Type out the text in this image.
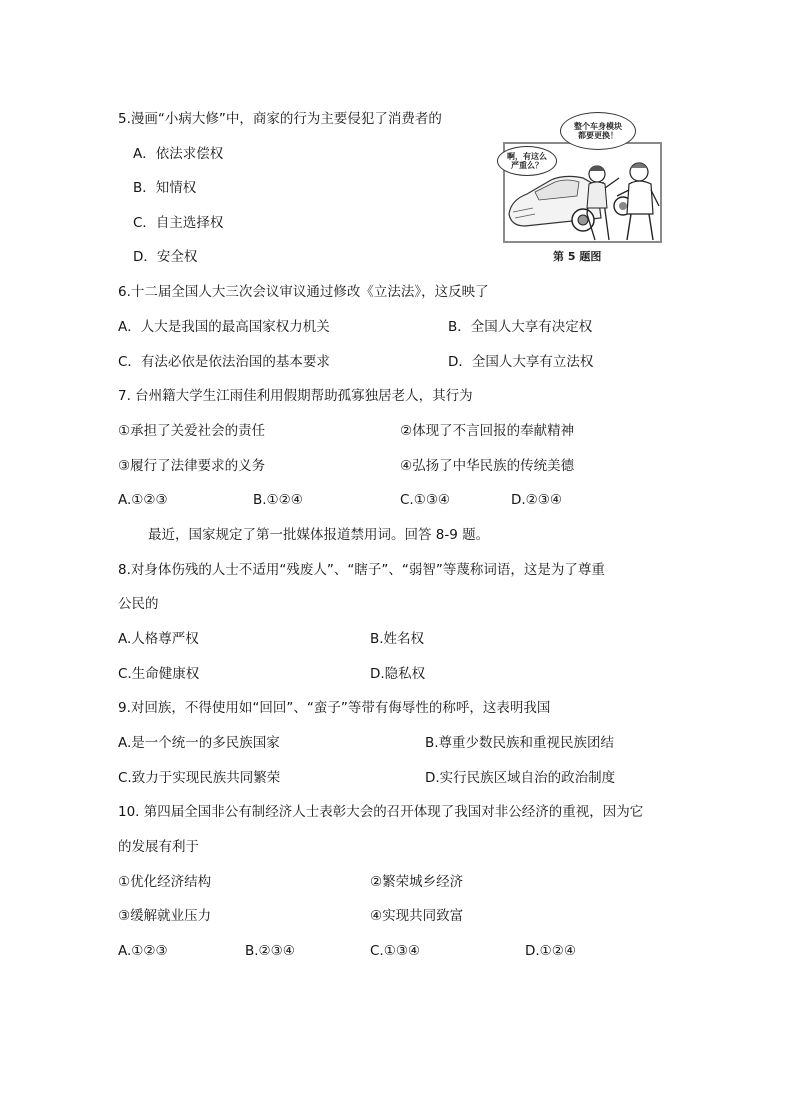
5.漫画“小病大修”中，商家的行为主要侵犯了消费者的
A．依法求偿权
B．知情权
C．自主选择权
D．安全权
整个车身模块
都要更换！
啊，有这么
严重么？
第 5 题图
6.十二届全国人大三次会议审议通过修改《立法法》，这反映了
A．人大是我国的最高国家权力机关	B．全国人大享有决定权
C．有法必依是依法治国的基本要求	D．全国人大享有立法权
7. 台州籍大学生江雨佳利用假期帮助孤寡独居老人，其行为
①承担了关爱社会的责任	②体现了不言回报的奉献精神
③履行了法律要求的义务	④弘扬了中华民族的传统美德
A.①②③	B.①②④	C.①③④	D.②③④
最近，国家规定了第一批媒体报道禁用词。回答 8-9 题。
8.对身体伤残的人士不适用“残废人”、“瞎子”、“弱智”等蔑称词语，这是为了尊重
公民的
A.人格尊严权	B.姓名权
C.生命健康权	D.隐私权
9.对回族，不得使用如“回回”、“蛮子”等带有侮辱性的称呼，这表明我国
A.是一个统一的多民族国家	B.尊重少数民族和重视民族团结
C.致力于实现民族共同繁荣	D.实行民族区域自治的政治制度
10. 第四届全国非公有制经济人士表彰大会的召开体现了我国对非公经济的重视，因为它
的发展有利于
①优化经济结构	②繁荣城乡经济
③缓解就业压力	④实现共同致富
A.①②③	B.②③④	C.①③④	D.①②④
